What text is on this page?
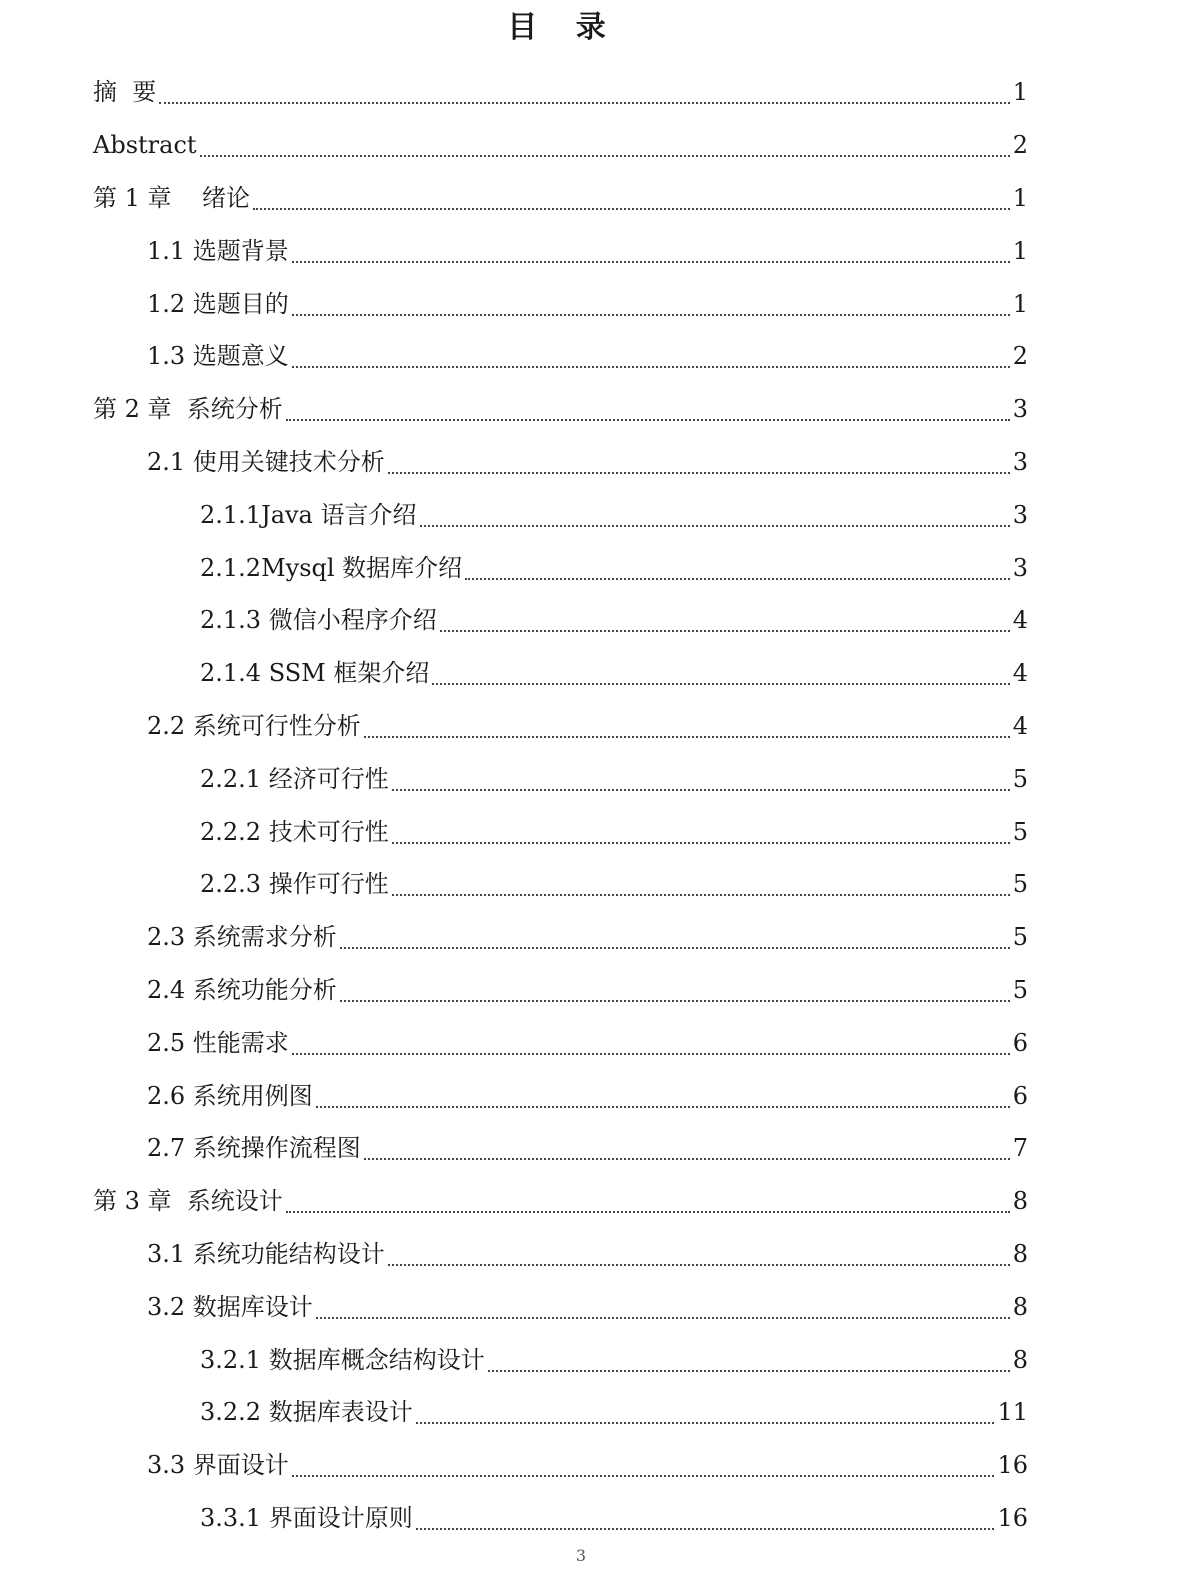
目 录
摘  要	1
Abstract	2
第 1 章    绪论	1
1.1 选题背景	1
1.2 选题目的	1
1.3 选题意义	2
第 2 章  系统分析	3
2.1 使用关键技术分析	3
2.1.1Java 语言介绍	3
2.1.2Mysql 数据库介绍	3
2.1.3 微信小程序介绍	4
2.1.4 SSM 框架介绍	4
2.2 系统可行性分析	4
2.2.1 经济可行性	5
2.2.2 技术可行性	5
2.2.3 操作可行性	5
2.3 系统需求分析	5
2.4 系统功能分析	5
2.5 性能需求	6
2.6 系统用例图	6
2.7 系统操作流程图	7
第 3 章  系统设计	8
3.1 系统功能结构设计	8
3.2 数据库设计	8
3.2.1 数据库概念结构设计	8
3.2.2 数据库表设计	11
3.3 界面设计	16
3.3.1 界面设计原则	16
3
